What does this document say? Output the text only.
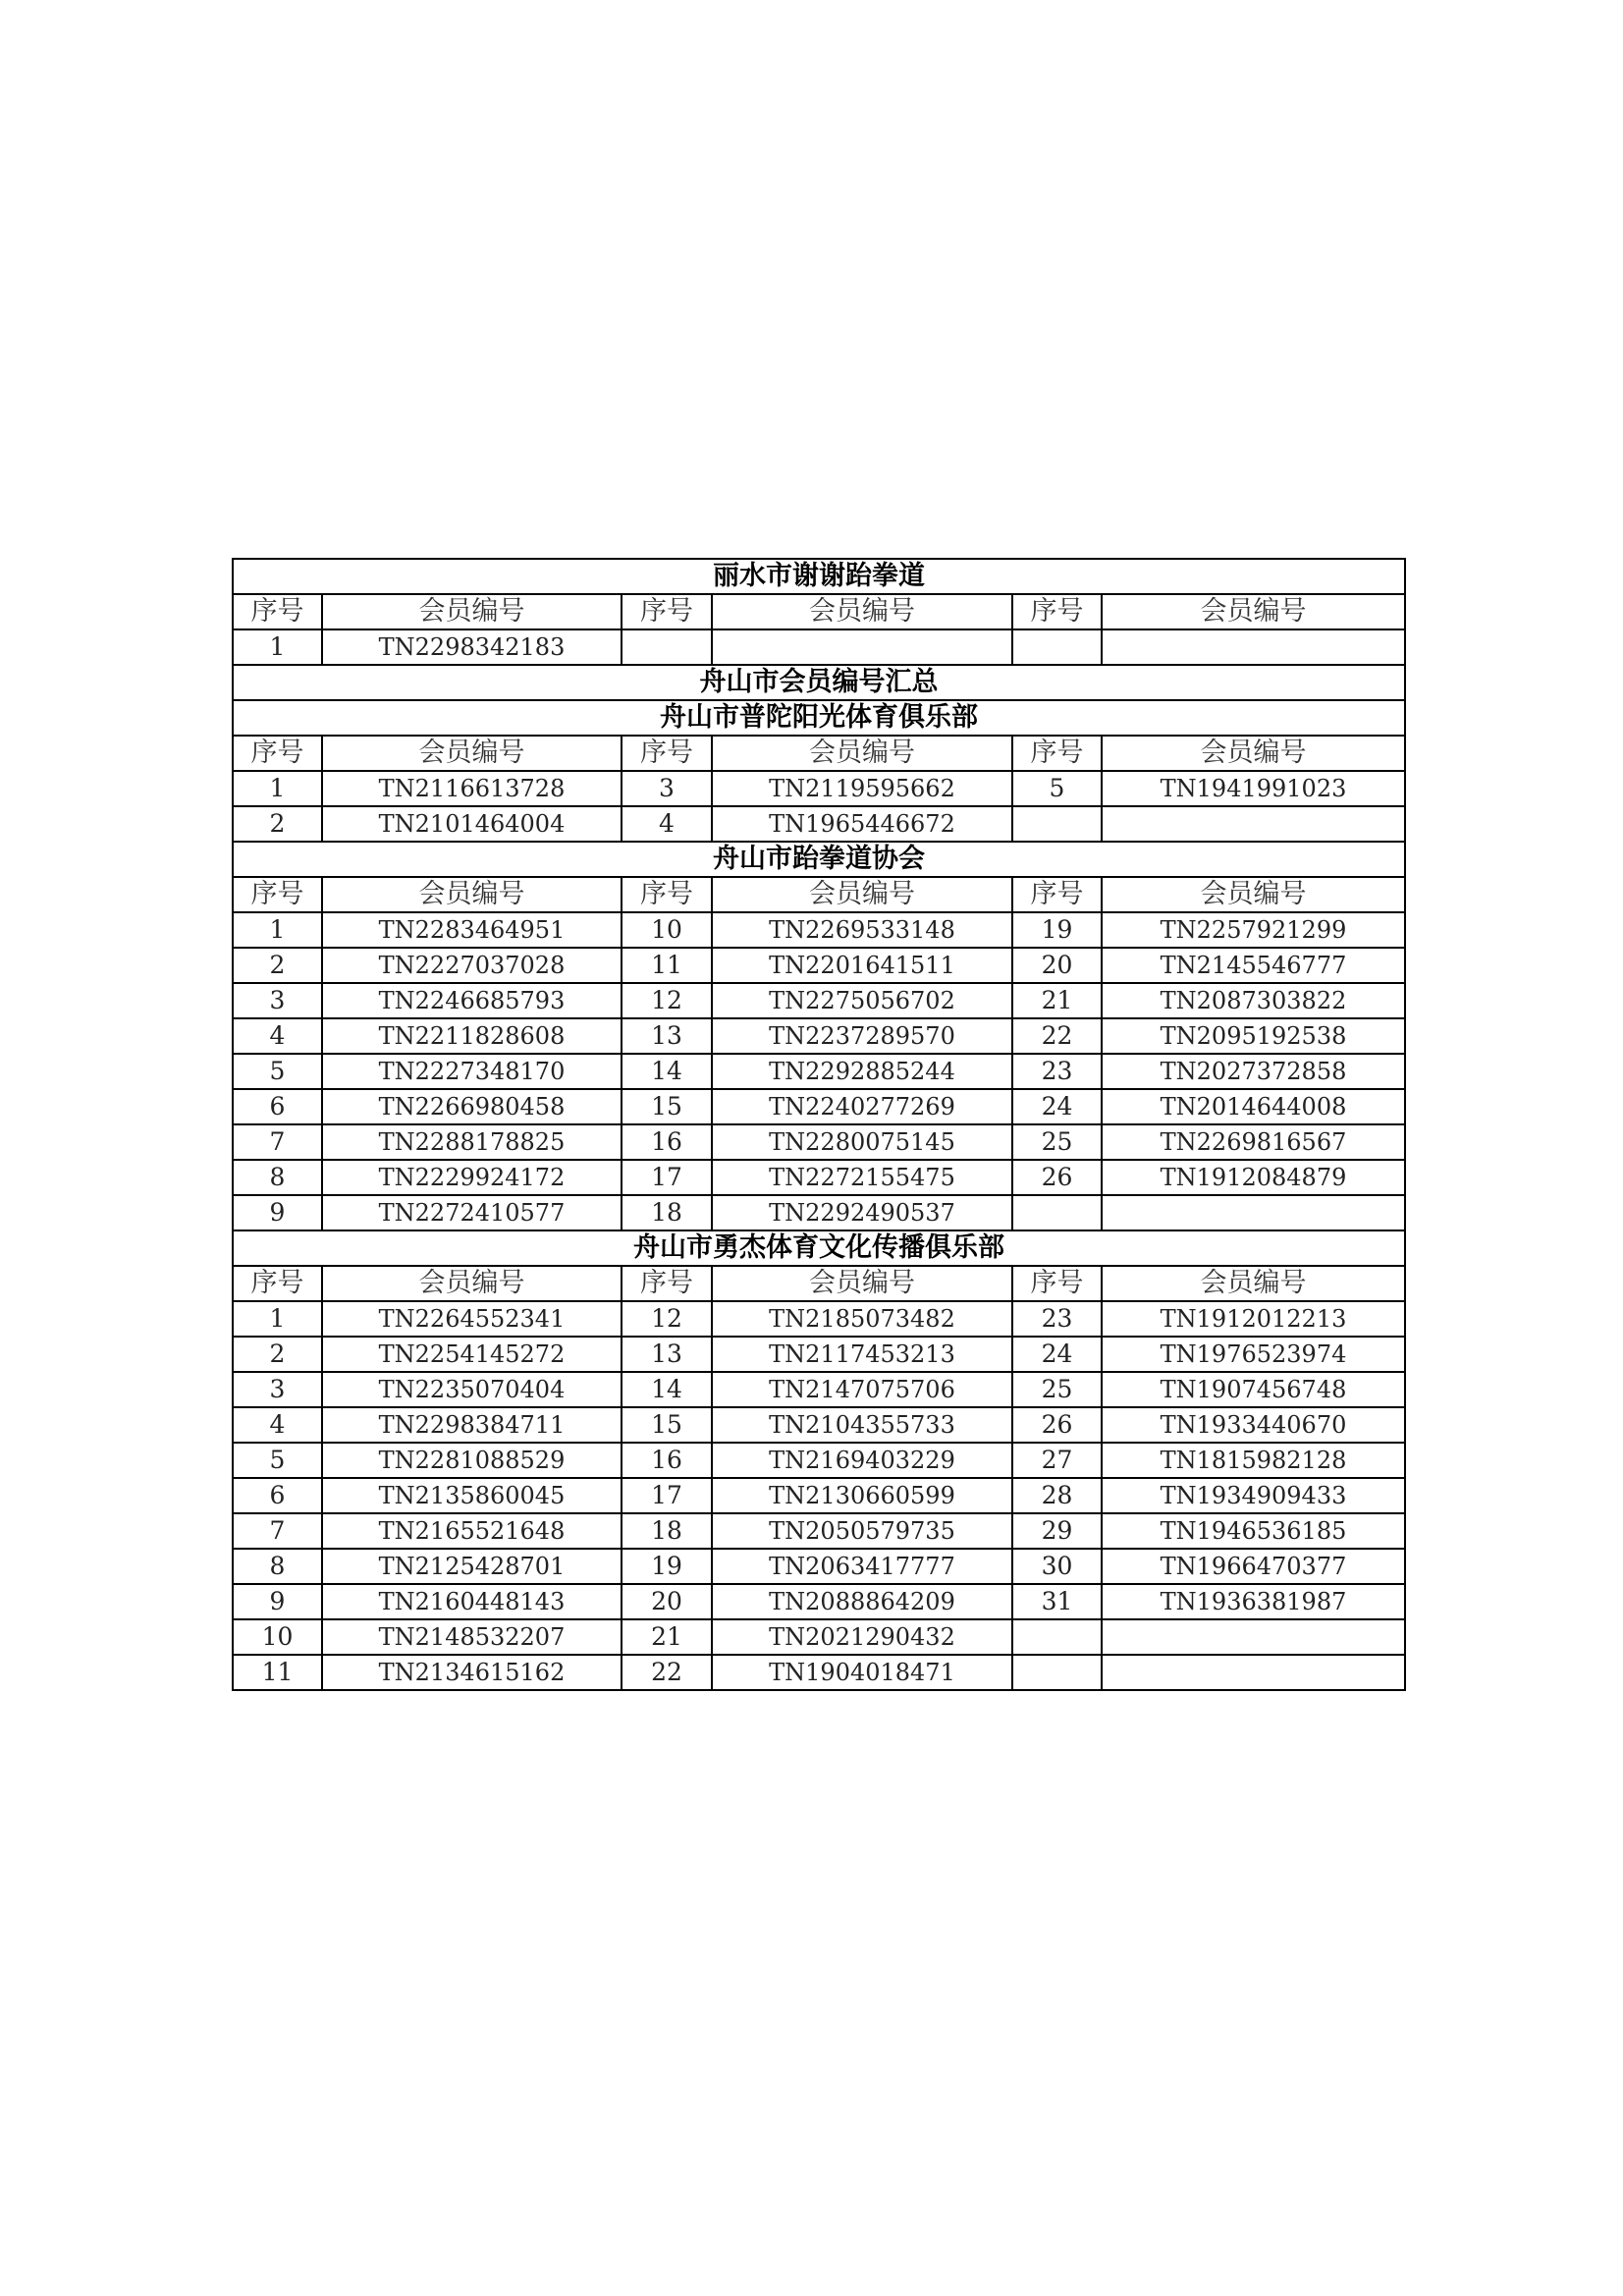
丽水市谢谢跆拳道					
序号	会员编号	序号	会员编号	序号	会员编号
1	TN2298342183				
舟山市会员编号汇总					
舟山市普陀阳光体育俱乐部					
序号	会员编号	序号	会员编号	序号	会员编号
1	TN2116613728	3	TN2119595662	5	TN1941991023
2	TN2101464004	4	TN1965446672		
舟山市跆拳道协会					
序号	会员编号	序号	会员编号	序号	会员编号
1	TN2283464951	10	TN2269533148	19	TN2257921299
2	TN2227037028	11	TN2201641511	20	TN2145546777
3	TN2246685793	12	TN2275056702	21	TN2087303822
4	TN2211828608	13	TN2237289570	22	TN2095192538
5	TN2227348170	14	TN2292885244	23	TN2027372858
6	TN2266980458	15	TN2240277269	24	TN2014644008
7	TN2288178825	16	TN2280075145	25	TN2269816567
8	TN2229924172	17	TN2272155475	26	TN1912084879
9	TN2272410577	18	TN2292490537		
舟山市勇杰体育文化传播俱乐部					
序号	会员编号	序号	会员编号	序号	会员编号
1	TN2264552341	12	TN2185073482	23	TN1912012213
2	TN2254145272	13	TN2117453213	24	TN1976523974
3	TN2235070404	14	TN2147075706	25	TN1907456748
4	TN2298384711	15	TN2104355733	26	TN1933440670
5	TN2281088529	16	TN2169403229	27	TN1815982128
6	TN2135860045	17	TN2130660599	28	TN1934909433
7	TN2165521648	18	TN2050579735	29	TN1946536185
8	TN2125428701	19	TN2063417777	30	TN1966470377
9	TN2160448143	20	TN2088864209	31	TN1936381987
10	TN2148532207	21	TN2021290432		
11	TN2134615162	22	TN1904018471		
